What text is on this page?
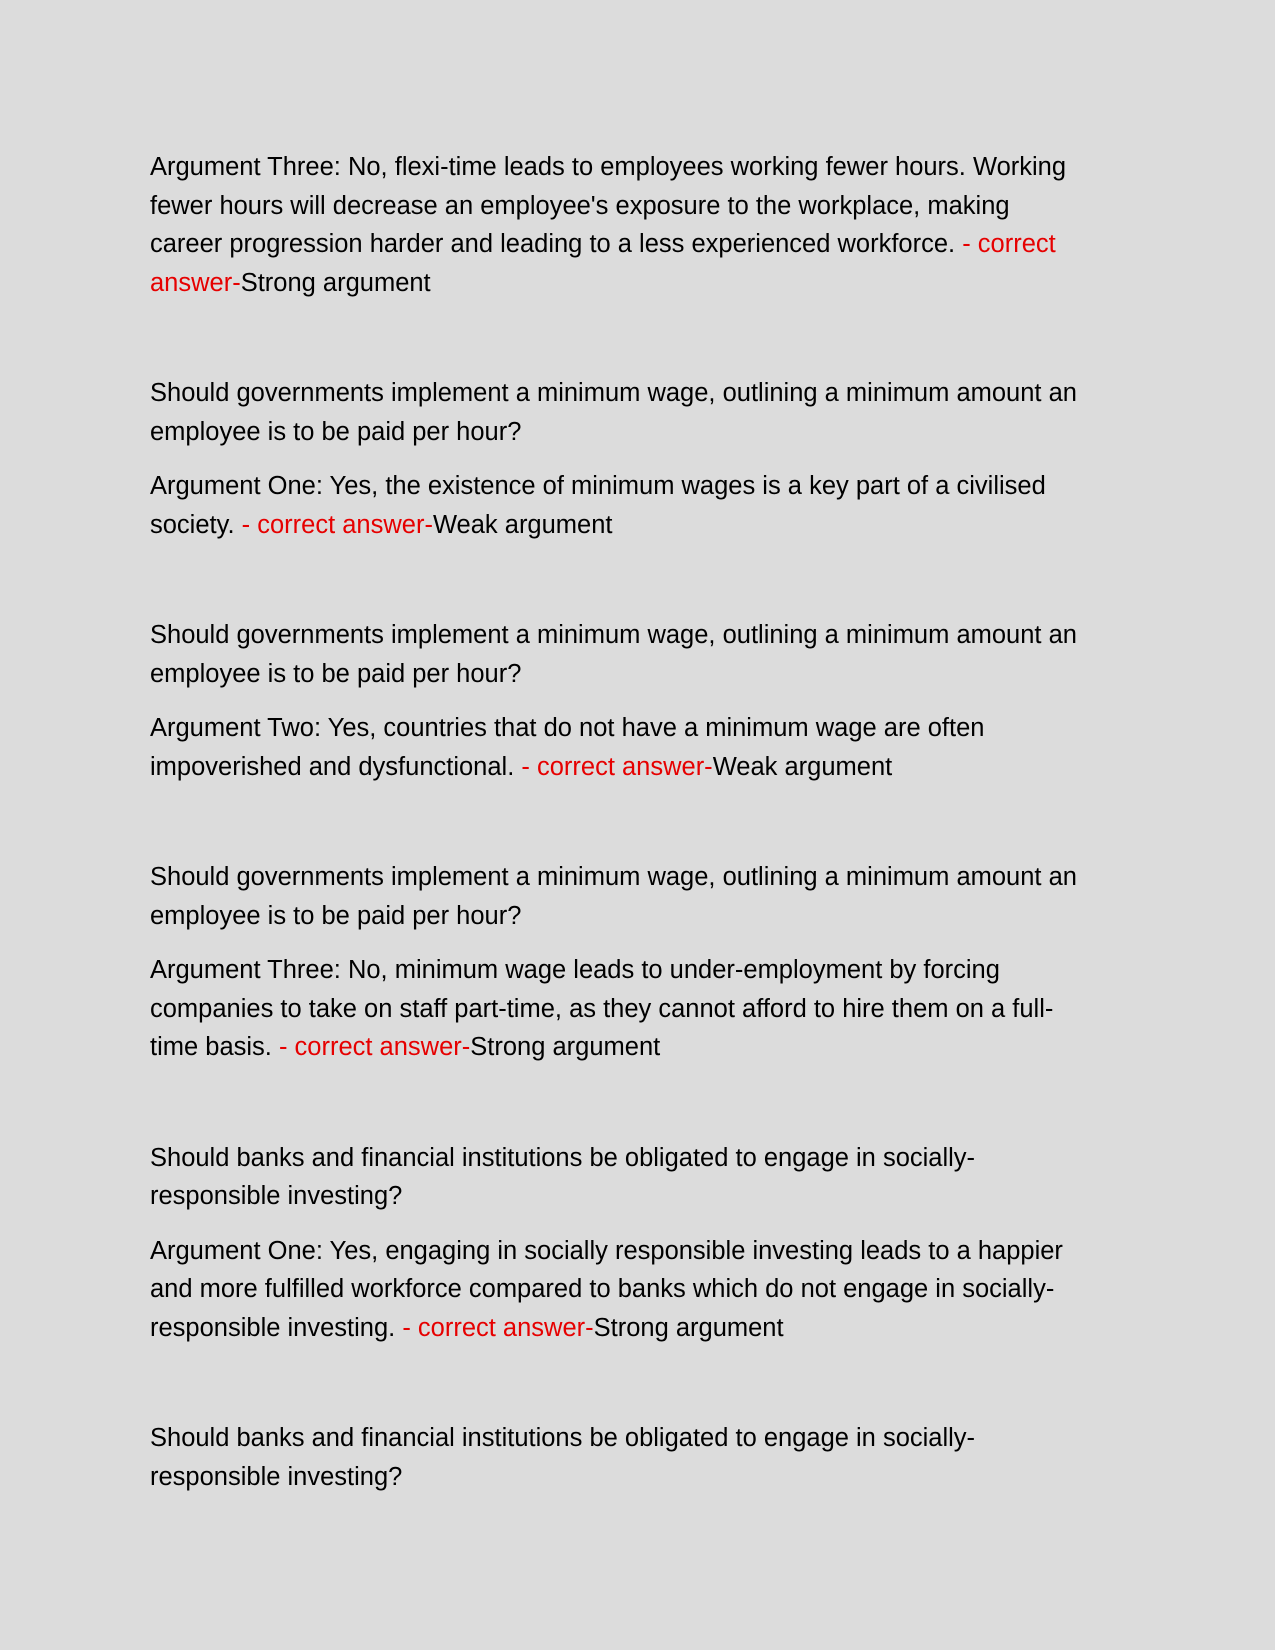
Argument Three: No, flexi-time leads to employees working fewer hours. Working fewer hours will decrease an employee's exposure to the workplace, making career progression harder and leading to a less experienced workforce. - correct answer-Strong argument

Should governments implement a minimum wage, outlining a minimum amount an employee is to be paid per hour?

Argument One: Yes, the existence of minimum wages is a key part of a civilised society. - correct answer-Weak argument

Should governments implement a minimum wage, outlining a minimum amount an employee is to be paid per hour?

Argument Two: Yes, countries that do not have a minimum wage are often impoverished and dysfunctional. - correct answer-Weak argument

Should governments implement a minimum wage, outlining a minimum amount an employee is to be paid per hour?

Argument Three: No, minimum wage leads to under-employment by forcing companies to take on staff part-time, as they cannot afford to hire them on a full-time basis. - correct answer-Strong argument

Should banks and financial institutions be obligated to engage in socially-responsible investing?

Argument One: Yes, engaging in socially responsible investing leads to a happier and more fulfilled workforce compared to banks which do not engage in socially-responsible investing. - correct answer-Strong argument

Should banks and financial institutions be obligated to engage in socially-responsible investing?
